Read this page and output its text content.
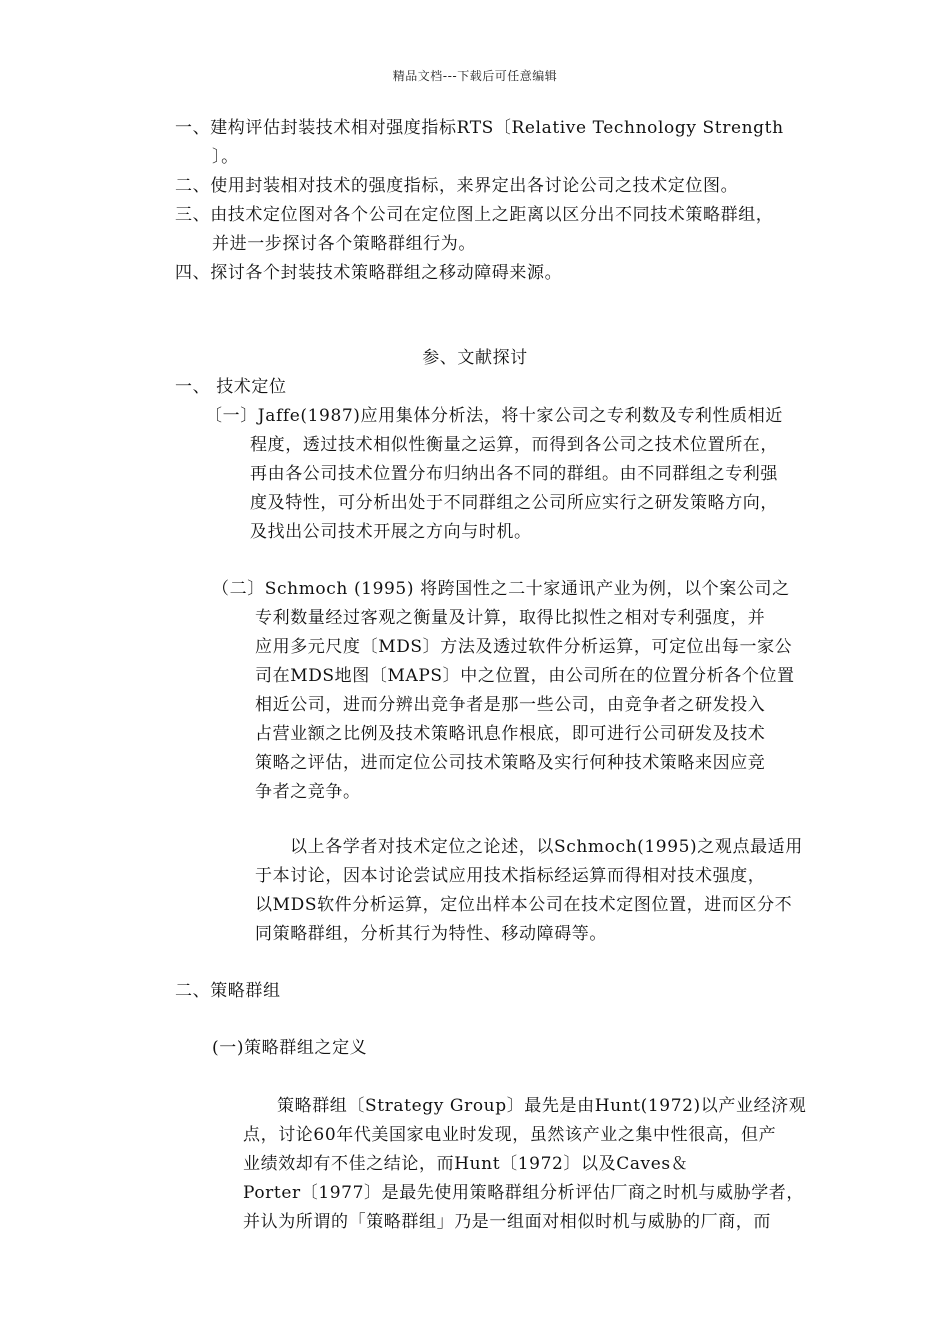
精品文档---下载后可任意编辑
一、建构评估封装技术相对强度指标RTS〔Relative Technology Strength
〕。
二、使用封装相对技术的强度指标，来界定出各讨论公司之技术定位图。
三、由技术定位图对各个公司在定位图上之距离以区分出不同技术策略群组，
并进一步探讨各个策略群组行为。
四、探讨各个封装技术策略群组之移动障碍来源。
参、文献探讨
一、 技术定位
〔一〕Jaffe(1987)应用集体分析法，将十家公司之专利数及专利性质相近
程度，透过技术相似性衡量之运算，而得到各公司之技术位置所在，
再由各公司技术位置分布归纳出各不同的群组。由不同群组之专利强
度及特性，可分析出处于不同群组之公司所应实行之研发策略方向，
及找出公司技术开展之方向与时机。
（二〕Schmoch (1995) 将跨国性之二十家通讯产业为例，以个案公司之
专利数量经过客观之衡量及计算，取得比拟性之相对专利强度，并
应用多元尺度〔MDS〕方法及透过软件分析运算，可定位出每一家公
司在MDS地图〔MAPS〕中之位置，由公司所在的位置分析各个位置
相近公司，进而分辨出竞争者是那一些公司，由竞争者之研发投入
占营业额之比例及技术策略讯息作根底，即可进行公司研发及技术
策略之评估，进而定位公司技术策略及实行何种技术策略来因应竞
争者之竞争。
以上各学者对技术定位之论述，以Schmoch(1995)之观点最适用
于本讨论，因本讨论尝试应用技术指标经运算而得相对技术强度，
以MDS软件分析运算，定位出样本公司在技术定图位置，进而区分不
同策略群组，分析其行为特性、移动障碍等。
二、策略群组
(一)策略群组之定义
策略群组〔Strategy Group〕最先是由Hunt(1972)以产业经济观
点，讨论60年代美国家电业时发现，虽然该产业之集中性很高，但产
业绩效却有不佳之结论，而Hunt〔1972〕以及Caves＆
Porter〔1977〕是最先使用策略群组分析评估厂商之时机与威胁学者，
并认为所谓的「策略群组」乃是一组面对相似时机与威胁的厂商，而
